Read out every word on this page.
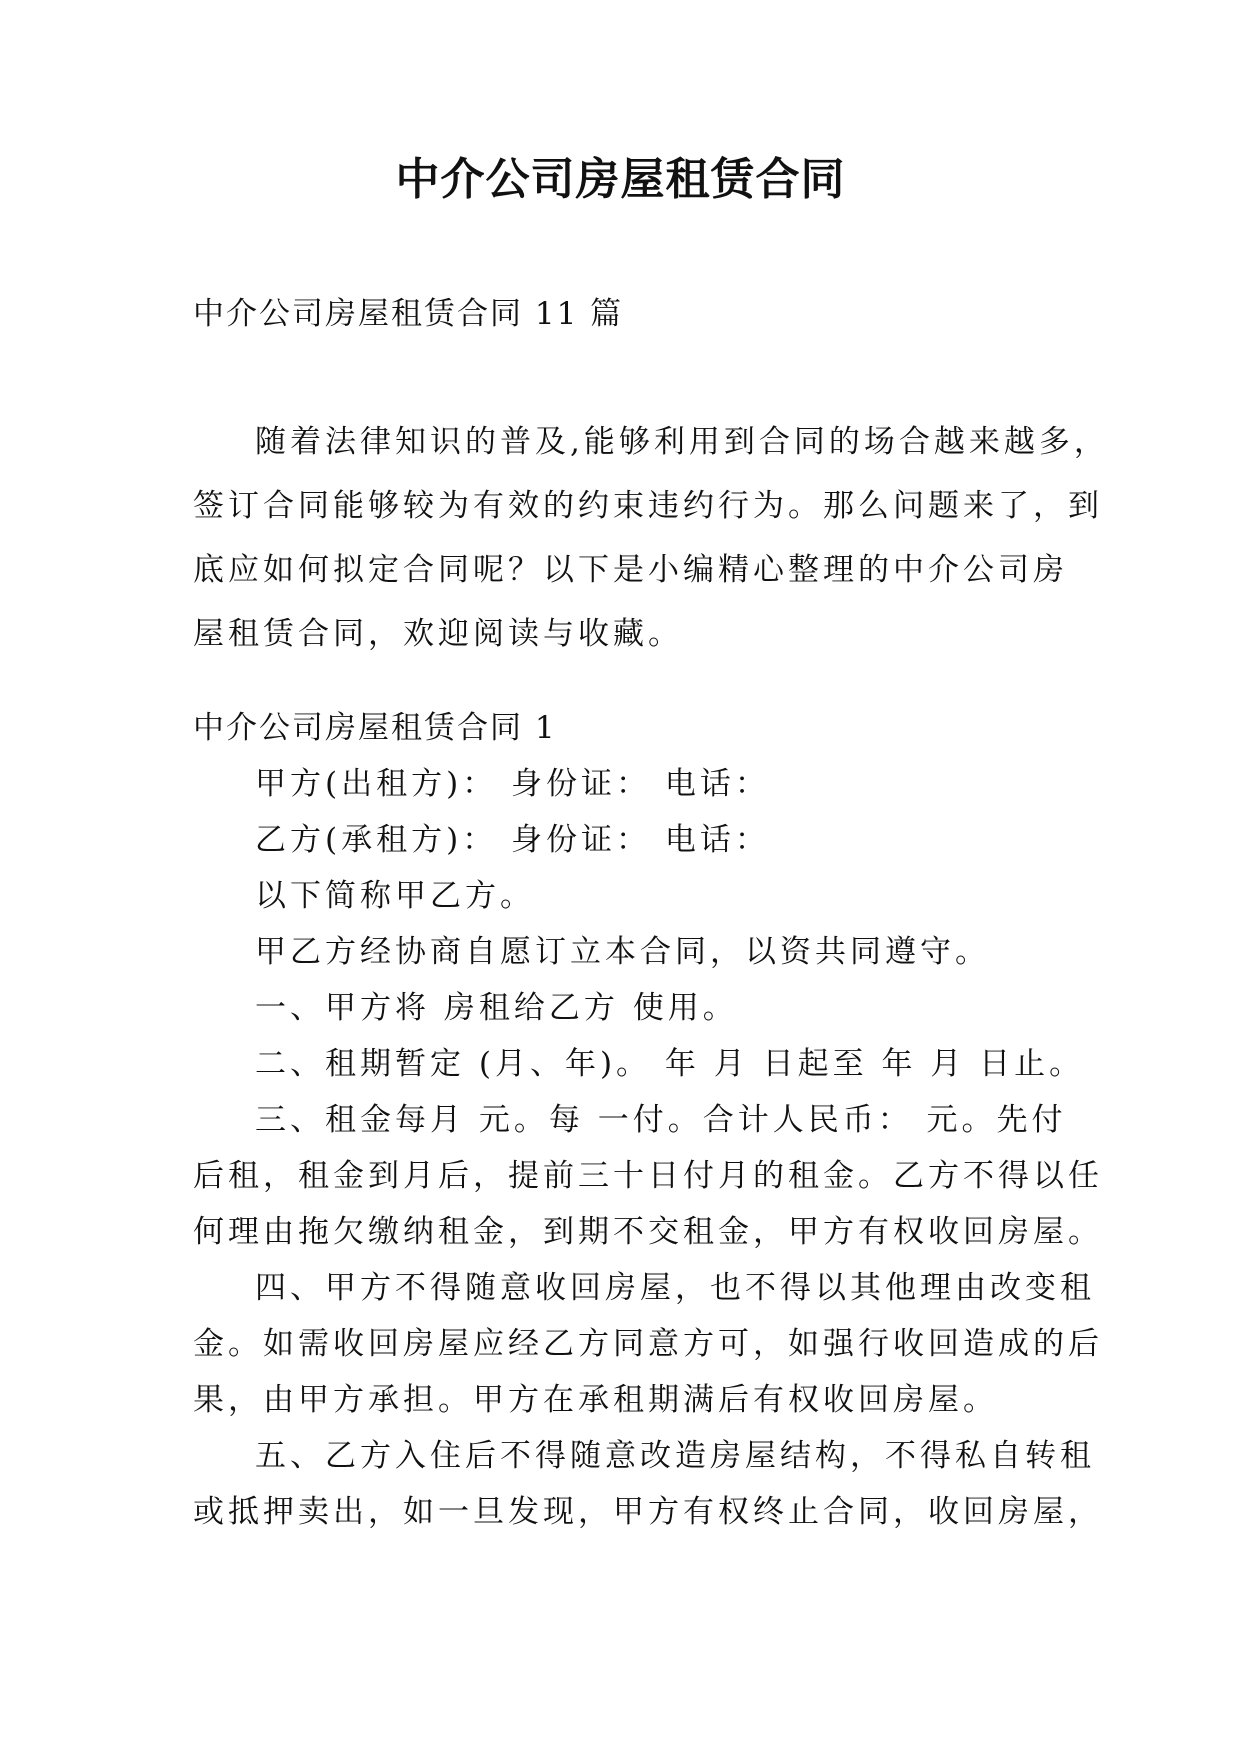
中介公司房屋租赁合同
中介公司房屋租赁合同 11 篇
随着法律知识的普及,能够利用到合同的场合越来越多，
签订合同能够较为有效的约束违约行为。那么问题来了，到
底应如何拟定合同呢？以下是小编精心整理的中介公司房
屋租赁合同，欢迎阅读与收藏。
中介公司房屋租赁合同 1
甲方(出租方)： 身份证： 电话：
乙方(承租方)： 身份证： 电话：
以下简称甲乙方。
甲乙方经协商自愿订立本合同，以资共同遵守。
一、甲方将 房租给乙方 使用。
二、租期暂定 (月、年)。 年 月 日起至 年 月 日止。
三、租金每月 元。每 一付。合计人民币： 元。先付
后租，租金到月后，提前三十日付月的租金。乙方不得以任
何理由拖欠缴纳租金，到期不交租金，甲方有权收回房屋。
四、甲方不得随意收回房屋，也不得以其他理由改变租
金。如需收回房屋应经乙方同意方可，如强行收回造成的后
果，由甲方承担。甲方在承租期满后有权收回房屋。
五、乙方入住后不得随意改造房屋结构，不得私自转租
或抵押卖出，如一旦发现，甲方有权终止合同，收回房屋，
